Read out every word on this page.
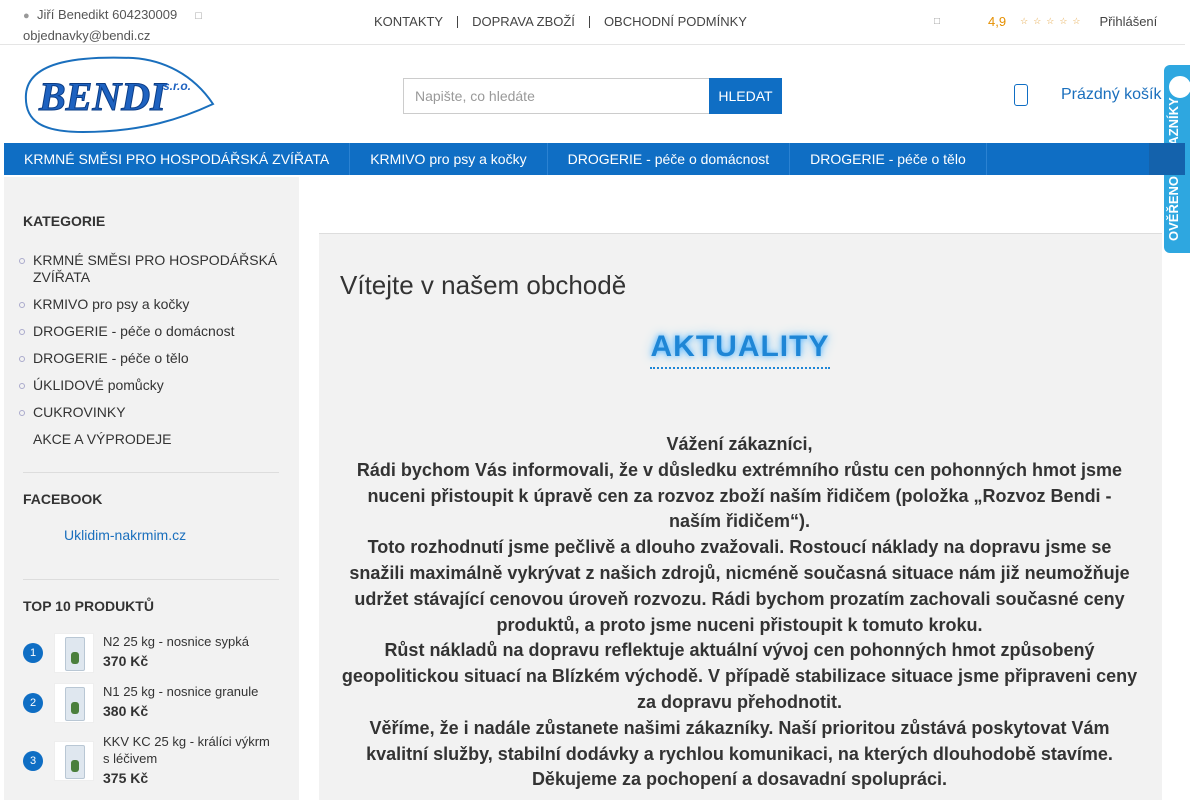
● Jiří Benedikt 604230009 □
objednavky@bendi.cz
KONTAKTY DOPRAVA ZBOŽÍ OBCHODNÍ PODMÍNKY	□	4,9 ☆☆☆☆☆ Přihlášení
BENDI
s.r.o.
Napište, co hledáte
HLEDAT	Prázdný košík
KRMNÉ SMĚSI PRO HOSPODÁŘSKÁ ZVÍŘATA	KRMIVO pro psy a kočky	DROGERIE - péče o domácnost	DROGERIE - péče o tělo
KATEGORIE
KRMNÉ SMĚSI PRO HOSPODÁŘSKÁ ZVÍŘATA
KRMIVO pro psy a kočky
DROGERIE - péče o domácnost
DROGERIE - péče o tělo
ÚKLIDOVÉ pomůcky
CUKROVINKY
AKCE A VÝPRODEJE
FACEBOOK
Uklidim-nakrmim.cz
TOP 10 PRODUKTŮ
1
N2 25 kg - nosnice sypká
370 Kč
2
N1 25 kg - nosnice granule
380 Kč
3
KKV KC 25 kg - králíci výkrm s léčivem
375 Kč
Vítejte v našem obchodě
AKTUALITY

Vážení zákazníci,

Rádi bychom Vás informovali, že v důsledku extrémního růstu cen pohonných hmot jsme nuceni přistoupit k úpravě cen za rozvoz zboží naším řidičem (položka „Rozvoz Bendi - naším řidičem“).

Toto rozhodnutí jsme pečlivě a dlouho zvažovali. Rostoucí náklady na dopravu jsme se snažili maximálně vykrývat z našich zdrojů, nicméně současná situace nám již neumožňuje udržet stávající cenovou úroveň rozvozu. Rádi bychom prozatím zachovali současné ceny produktů, a proto jsme nuceni přistoupit k tomuto kroku.

Růst nákladů na dopravu reflektuje aktuální vývoj cen pohonných hmot způsobený geopolitickou situací na Blízkém východě. V případě stabilizace situace jsme připraveni ceny za dopravu přehodnotit.

Věříme, že i nadále zůstanete našimi zákazníky. Naší prioritou zůstává poskytovat Vám kvalitní služby, stabilní dodávky a rychlou komunikaci, na kterých dlouhodobě stavíme.

Děkujeme za pochopení a dosavadní spolupráci.
